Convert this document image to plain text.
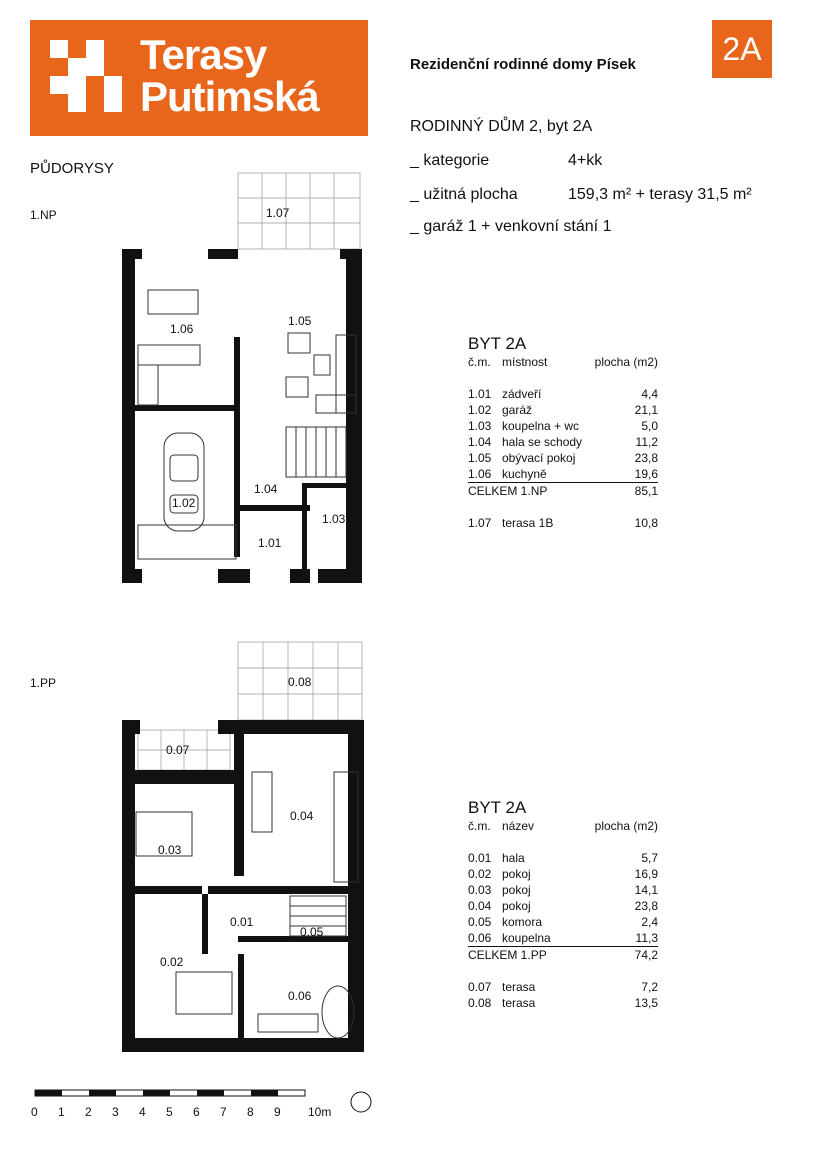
Terasy
Putimská
Rezidenční rodinné domy Písek	2A
RODINNÝ DŮM 2, byt 2A
_ kategorie	4+kk
_ užitná plocha	159,3 m² + terasy 31,5 m²
_ garáž 1 + venkovní stání 1
PŮDORYSY
1.NP
1.PP
1.07
1.06
1.05
1.02
1.04
1.03
1.01
0.08
0.07
0.04
0.03
0.01
0.05
0.02
0.06
BYT 2A
č.m.	místnost	plocha (m2)

1.01	zádveří	4,4
1.02	garáž	21,1
1.03	koupelna + wc	5,0
1.04	hala se schody	11,2
1.05	obývací pokoj	23,8
1.06	kuchyně	19,6
CELKEM 1.NP		85,1

1.07	terasa 1B	10,8
BYT 2A
č.m.	název	plocha (m2)

0.01	hala	5,7
0.02	pokoj	16,9
0.03	pokoj	14,1
0.04	pokoj	23,8
0.05	komora	2,4
0.06	koupelna	11,3
CELKEM 1.PP		74,2

0.07	terasa	7,2
0.08	terasa	13,5
0 1 2 3 4 5 6 7 8 9 10m
